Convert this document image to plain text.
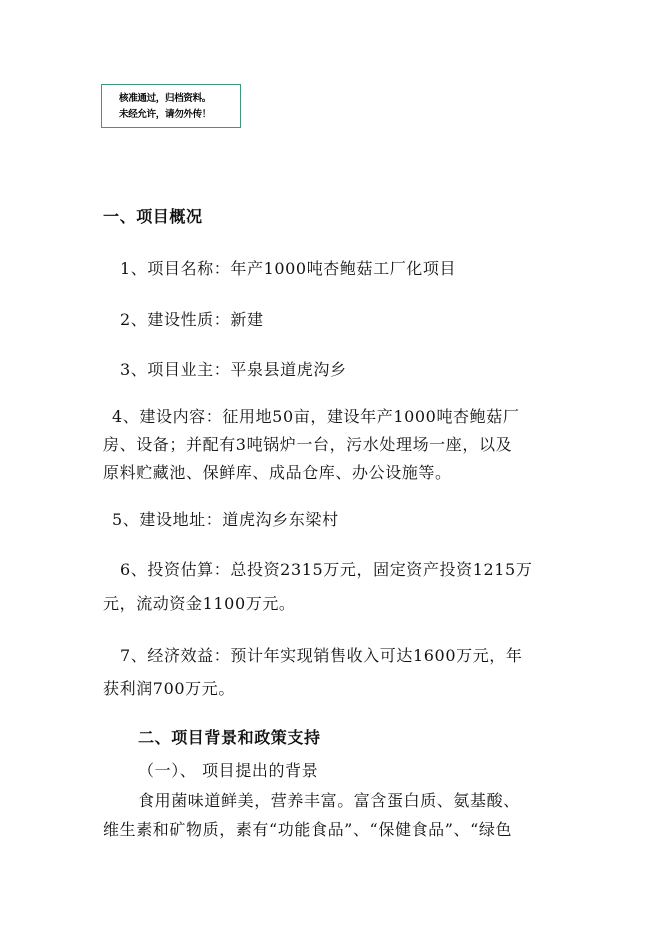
核准通过，归档资料。
未经允许，请勿外传！
一、项目概况
1、项目名称：年产1000吨杏鲍菇工厂化项目
2、建设性质：新建
3、项目业主：平泉县道虎沟乡
4、建设内容：征用地50亩，建设年产1000吨杏鲍菇厂
房、设备；并配有3吨锅炉一台，污水处理场一座，以及
原料贮藏池、保鲜库、成品仓库、办公设施等。
5、建设地址：道虎沟乡东梁村
6、投资估算：总投资2315万元，固定资产投资1215万
元，流动资金1100万元。
7、经济效益：预计年实现销售收入可达1600万元，年
获利润700万元。
二、项目背景和政策支持
（一）、 项目提出的背景
食用菌味道鲜美，营养丰富。富含蛋白质、氨基酸、
维生素和矿物质，素有“功能食品”、“保健食品”、“绿色
